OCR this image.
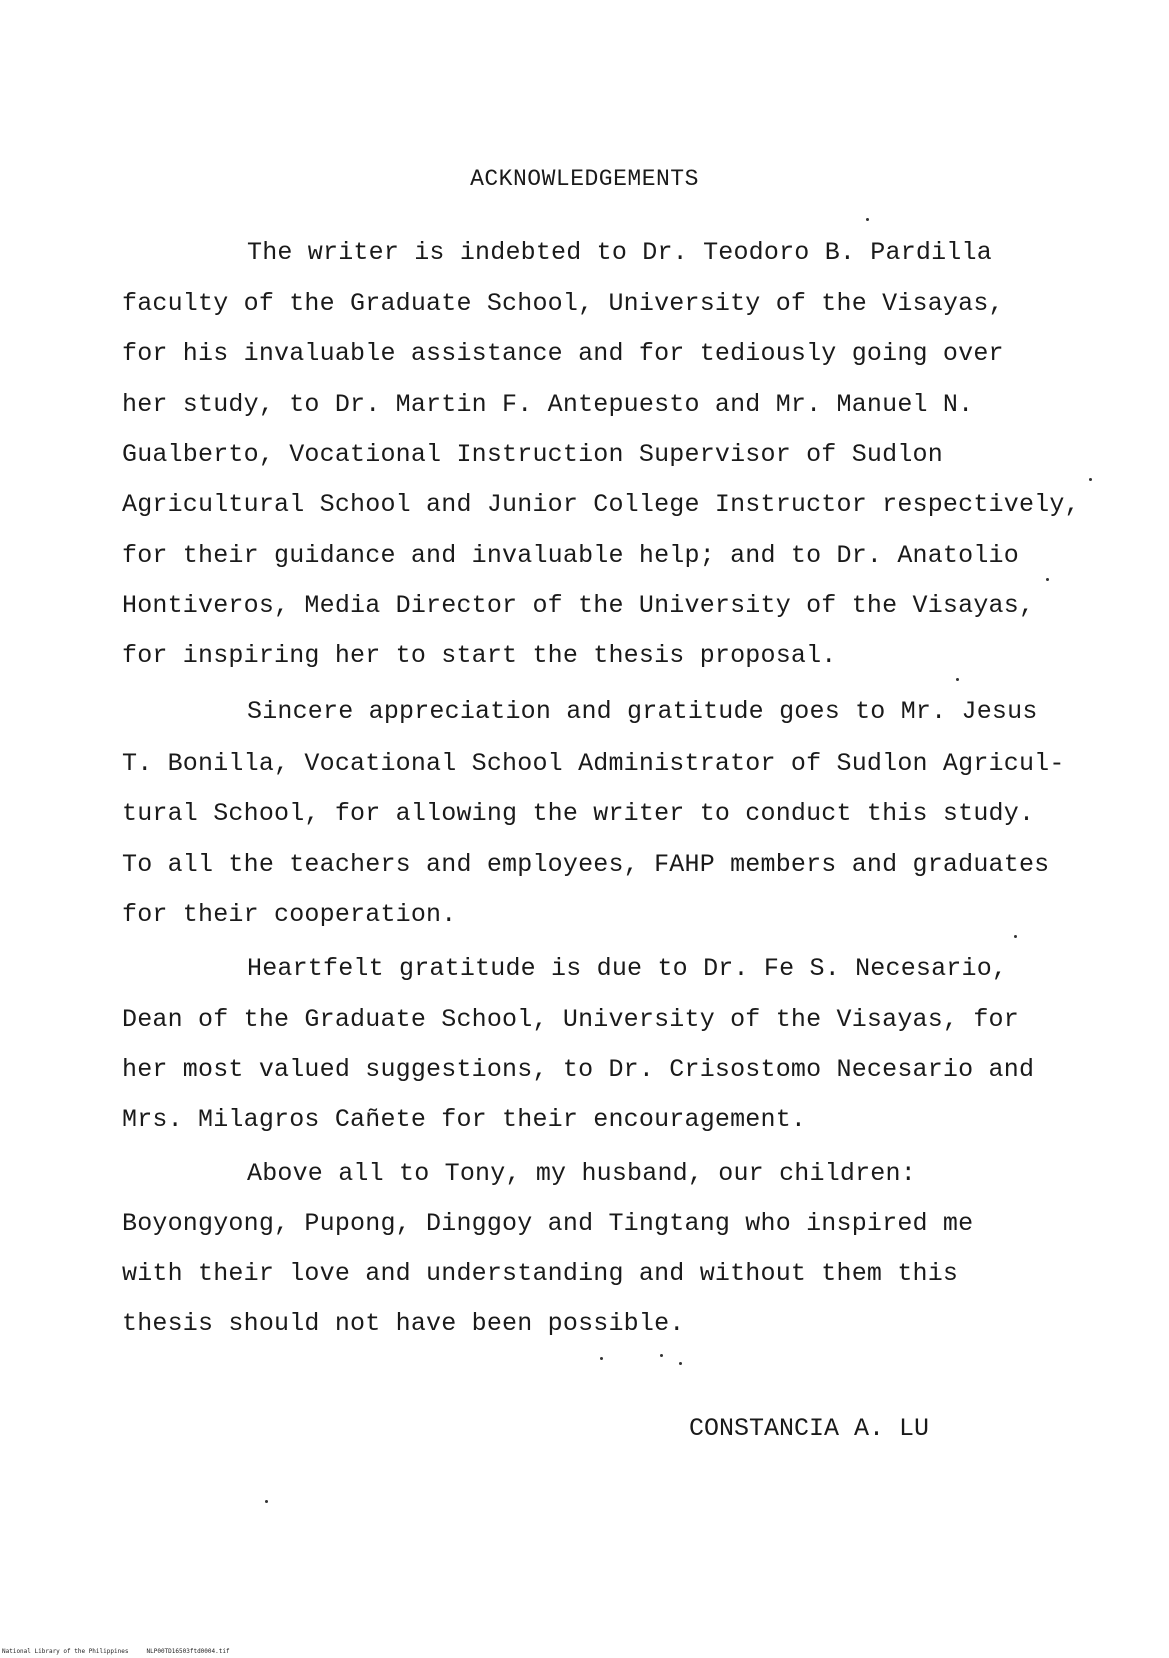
ACKNOWLEDGEMENTS
The writer is indebted to Dr. Teodoro B. Pardilla
faculty of the Graduate School, University of the Visayas,
for his invaluable assistance and for tediously going over
her study, to Dr. Martin F. Antepuesto and Mr. Manuel N.
Gualberto, Vocational Instruction Supervisor of Sudlon
Agricultural School and Junior College Instructor respectively,
for their guidance and invaluable help; and to Dr. Anatolio
Hontiveros, Media Director of the University of the Visayas,
for inspiring her to start the thesis proposal.
Sincere appreciation and gratitude goes to Mr. Jesus
T. Bonilla, Vocational School Administrator of Sudlon Agricul-
tural School, for allowing the writer to conduct this study.
To all the teachers and employees, FAHP members and graduates
for their cooperation.
Heartfelt gratitude is due to Dr. Fe S. Necesario,
Dean of the Graduate School, University of the Visayas, for
her most valued suggestions, to Dr. Crisostomo Necesario and
Mrs. Milagros Cañete for their encouragement.
Above all to Tony, my husband, our children:
Boyongyong, Pupong, Dinggoy and Tingtang who inspired me
with their love and understanding and without them this
thesis should not have been possible.
CONSTANCIA A. LU
National Library of the Philippines	NLP00TD16503ftd0004.tif
